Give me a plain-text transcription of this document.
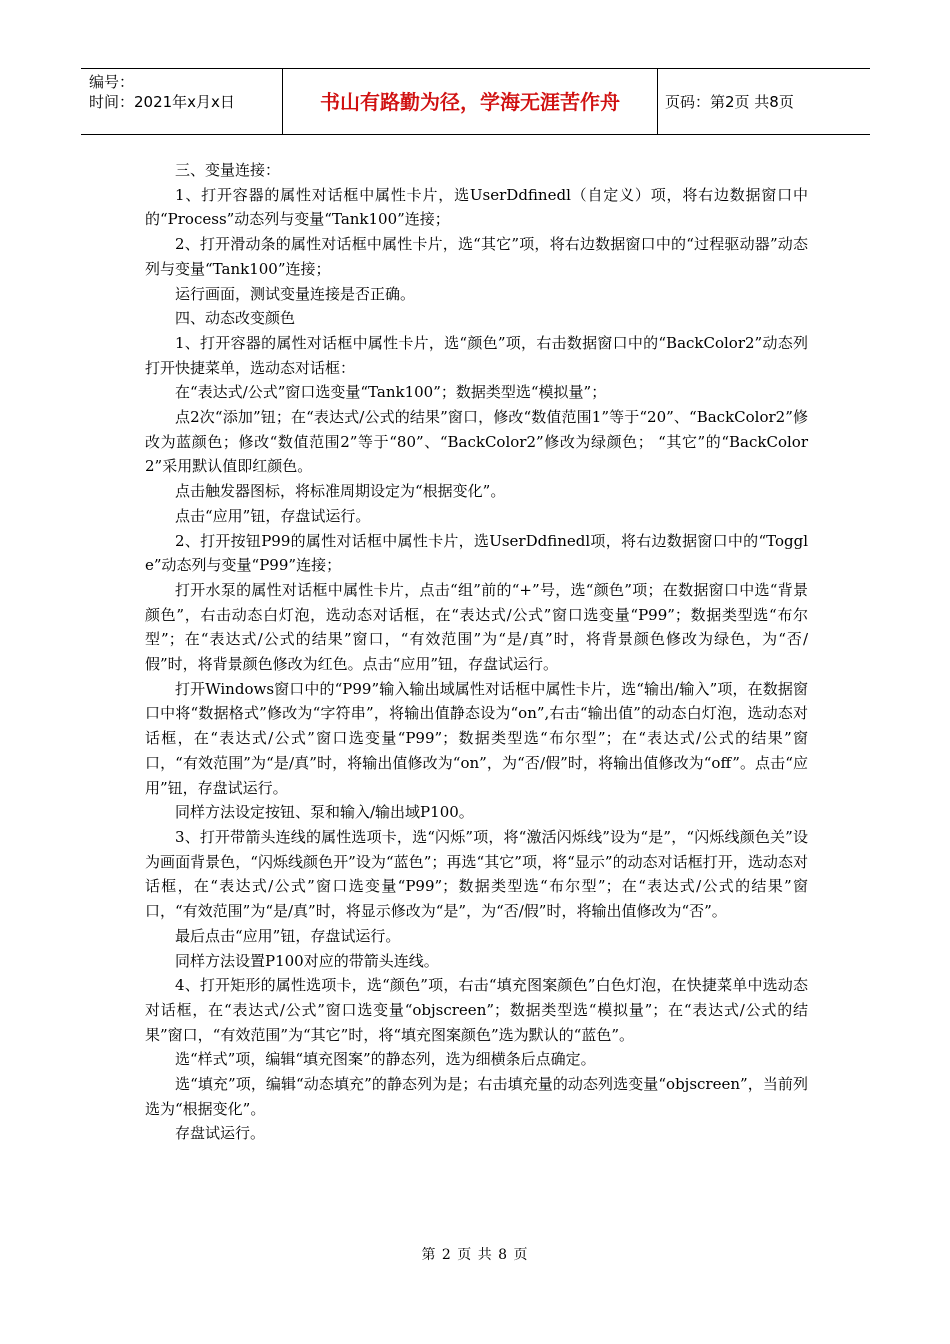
编号：
时间：2021年x月x日	书山有路勤为径，学海无涯苦作舟	页码：第2页 共8页

三、变量连接：

1、打开容器的属性对话框中属性卡片，选UserDdfinedl（自定义）项，将右边数据窗口中的“Process”动态列与变量“Tank100”连接；

2、打开滑动条的属性对话框中属性卡片，选“其它”项，将右边数据窗口中的“过程驱动器”动态列与变量“Tank100”连接；

运行画面，测试变量连接是否正确。

四、动态改变颜色

1、打开容器的属性对话框中属性卡片，选“颜色”项，右击数据窗口中的“BackColor2”动态列打开快捷菜单，选动态对话框：

在“表达式/公式”窗口选变量“Tank100”；数据类型选“模拟量”；

点2次“添加”钮；在“表达式/公式的结果”窗口，修改“数值范围1”等于“20”、“BackColor2”修改为蓝颜色；修改“数值范围2”等于“80”、“BackColor2”修改为绿颜色； “其它”的“BackColor2”采用默认值即红颜色。

点击触发器图标，将标准周期设定为“根据变化”。

点击“应用”钮，存盘试运行。

2、打开按钮P99的属性对话框中属性卡片，选UserDdfinedl项，将右边数据窗口中的“Toggle”动态列与变量“P99”连接；

打开水泵的属性对话框中属性卡片，点击“组”前的“+”号，选“颜色”项；在数据窗口中选“背景颜色”，右击动态白灯泡，选动态对话框，在“表达式/公式”窗口选变量“P99”；数据类型选“布尔型”；在“表达式/公式的结果”窗口，“有效范围”为“是/真”时，将背景颜色修改为绿色，为“否/假”时，将背景颜色修改为红色。点击“应用”钮，存盘试运行。

打开Windows窗口中的“P99”输入输出域属性对话框中属性卡片，选“输出/输入”项，在数据窗口中将“数据格式”修改为“字符串”，将输出值静态设为“on”,右击“输出值”的动态白灯泡，选动态对话框，在“表达式/公式”窗口选变量“P99”；数据类型选“布尔型”；在“表达式/公式的结果”窗口，“有效范围”为“是/真”时，将输出值修改为“on”，为“否/假”时，将输出值修改为“off”。点击“应用”钮，存盘试运行。

同样方法设定按钮、泵和输入/输出域P100。

3、打开带箭头连线的属性选项卡，选“闪烁”项，将“激活闪烁线”设为“是”，“闪烁线颜色关”设为画面背景色，“闪烁线颜色开”设为“蓝色”；再选“其它”项，将“显示”的动态对话框打开，选动态对话框，在“表达式/公式”窗口选变量“P99”；数据类型选“布尔型”；在“表达式/公式的结果”窗口，“有效范围”为“是/真”时，将显示修改为“是”，为“否/假”时，将输出值修改为“否”。

最后点击“应用”钮，存盘试运行。

同样方法设置P100对应的带箭头连线。

4、打开矩形的属性选项卡，选“颜色”项，右击“填充图案颜色”白色灯泡，在快捷菜单中选动态对话框，在“表达式/公式”窗口选变量“objscreen”；数据类型选“模拟量”；在“表达式/公式的结果”窗口，“有效范围”为“其它”时，将“填充图案颜色”选为默认的“蓝色”。

选“样式”项，编辑“填充图案”的静态列，选为细横条后点确定。

选“填充”项，编辑“动态填充”的静态列为是；右击填充量的动态列选变量“objscreen”，当前列选为“根据变化”。

存盘试运行。

第 2 页 共 8 页
